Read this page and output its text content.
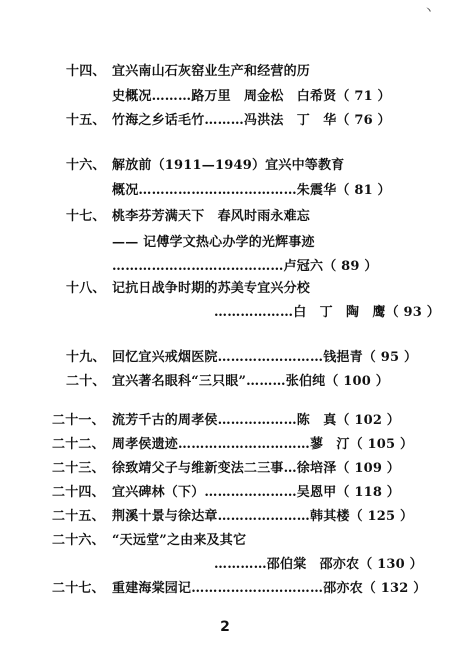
丶
十四、 宜兴南山石灰窑业生产和经营的历
史概况………路万里　周金松　白希贤（ 71 ）
十五、 竹海之乡话毛竹………冯洪法　丁　华（ 76 ）
十六、 解放前（1911—1949）宜兴中等教育
概况………………………………朱震华（ 81 ）
十七、 桃李芬芳满天下　春风时雨永难忘
—— 记傅学文热心办学的光辉事迹
…………………………………卢冠六（ 89 ）
十八、 记抗日战争时期的苏美专宜兴分校
………………白　丁　陶　鹰（ 93 ）
十九、 回忆宜兴戒烟医院……………………钱挹青（ 95 ）
二十、 宜兴著名眼科“三只眼”………张伯纯（ 100 ）
二十一、 流芳千古的周孝侯………………陈　真（ 102 ）
二十二、 周孝侯遗迹…………………………蓼　汀（ 105 ）
二十三、 徐致靖父子与维新变法二三事…徐培泽（ 109 ）
二十四、 宜兴碑林（下）…………………吴恩甲（ 118 ）
二十五、 荆溪十景与徐达章…………………韩其楼（ 125 ）
二十六、 “天远堂”之由来及其它
…………邵伯棠　邵亦农（ 130 ）
二十七、 重建海棠园记…………………………邵亦农（ 132 ）
2
